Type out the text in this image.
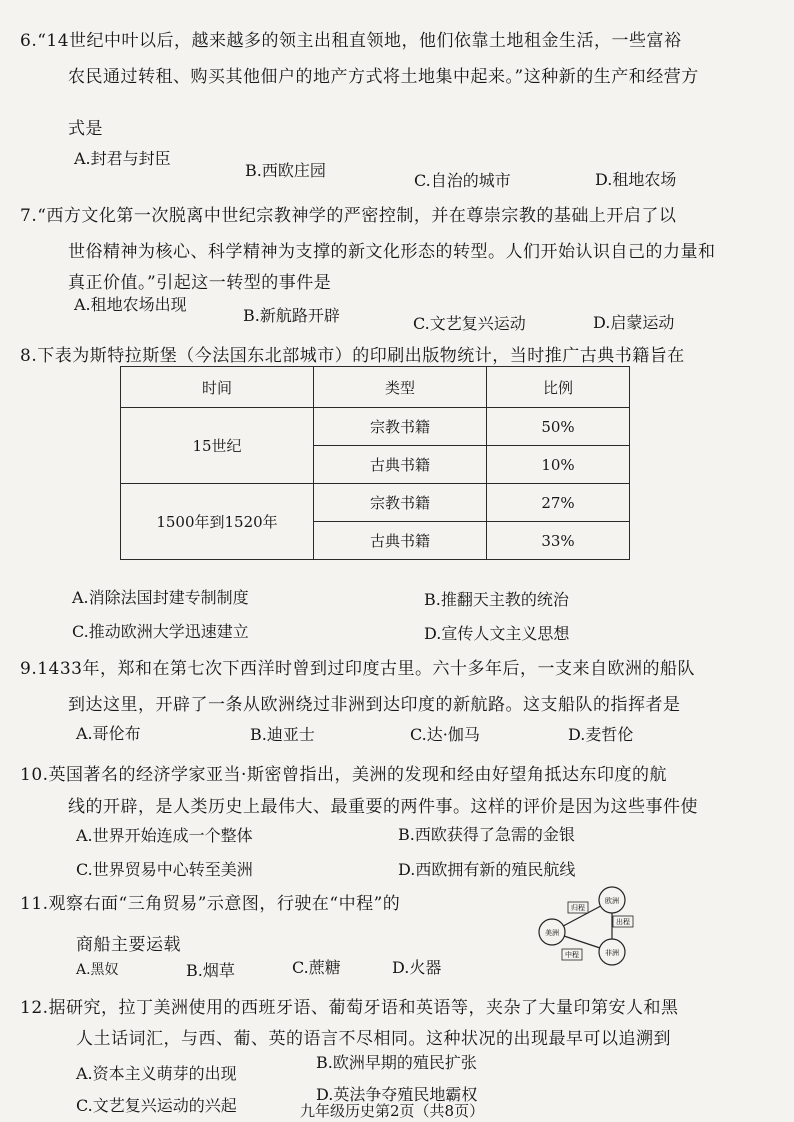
6.“14世纪中叶以后，越来越多的领主出租直领地，他们依靠土地租金生活，一些富裕
农民通过转租、购买其他佃户的地产方式将土地集中起来。”这种新的生产和经营方
式是
A.封君与封臣
B.西欧庄园
C.自治的城市	D.租地农场
7.“西方文化第一次脱离中世纪宗教神学的严密控制，并在尊崇宗教的基础上开启了以
世俗精神为核心、科学精神为支撑的新文化形态的转型。人们开始认识自己的力量和
真正价值。”引起这一转型的事件是
A.租地农场出现
B.新航路开辟	C.文艺复兴运动	D.启蒙运动
8.下表为斯特拉斯堡（今法国东北部城市）的印刷出版物统计，当时推广古典书籍旨在
时间	类型	比例
15世纪	宗教书籍	50%
	古典书籍	10%
1500年到1520年	宗教书籍	27%
	古典书籍	33%
A.消除法国封建专制制度	B.推翻天主教的统治
C.推动欧洲大学迅速建立	D.宣传人文主义思想
9.1433年，郑和在第七次下西洋时曾到过印度古里。六十多年后，一支来自欧洲的船队
到达这里，开辟了一条从欧洲绕过非洲到达印度的新航路。这支船队的指挥者是
A.哥伦布	B.迪亚士	C.达·伽马	D.麦哲伦
10.英国著名的经济学家亚当·斯密曾指出，美洲的发现和经由好望角抵达东印度的航
线的开辟，是人类历史上最伟大、最重要的两件事。这样的评价是因为这些事件使
A.世界开始连成一个整体	B.西欧获得了急需的金银
C.世界贸易中心转至美洲	D.西欧拥有新的殖民航线
11.观察右面“三角贸易”示意图，行驶在“中程”的
商船主要运载
A.黑奴	B.烟草	C.蔗糖	D.火器
欧洲
美洲
非洲
归程
出程
中程
12.据研究，拉丁美洲使用的西班牙语、葡萄牙语和英语等，夹杂了大量印第安人和黑
人土话词汇，与西、葡、英的语言不尽相同。这种状况的出现最早可以追溯到
A.资本主义萌芽的出现
B.欧洲早期的殖民扩张
C.文艺复兴运动的兴起
D.英法争夺殖民地霸权
九年级历史第2页（共8页）
